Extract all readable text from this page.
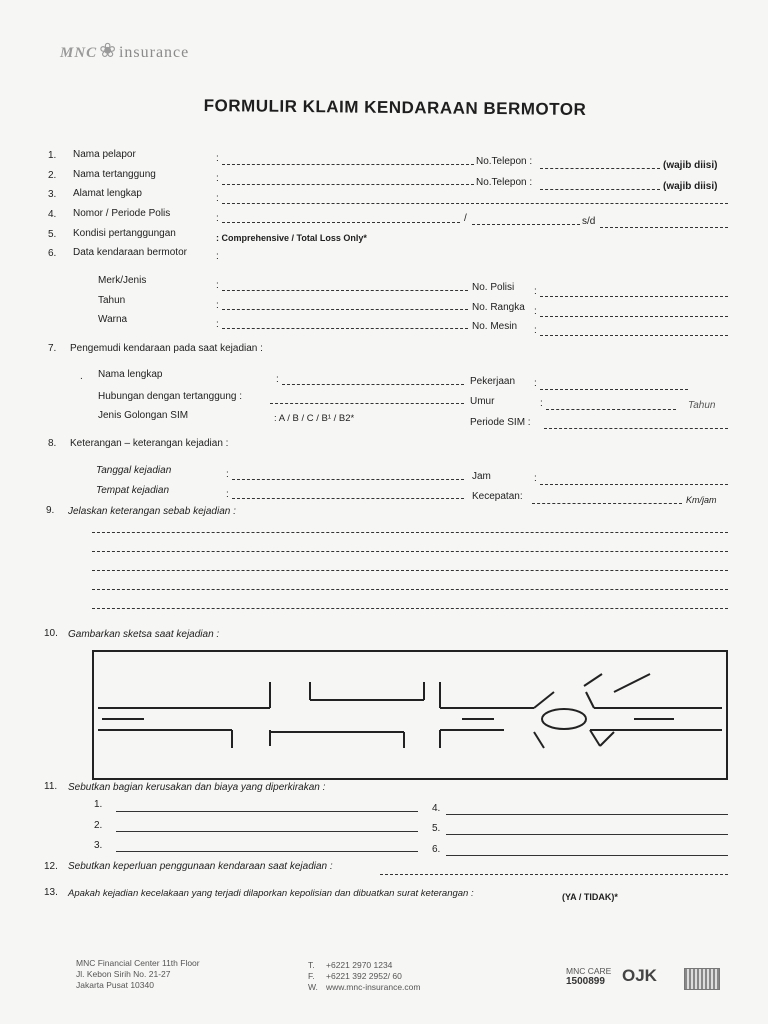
MNC ❀ insurance
FORMULIR KLAIM KENDARAAN BERMOTOR
1. Nama pelapor	:	No.Telepon :	(wajib diisi)
2. Nama tertanggung	:	No.Telepon :	(wajib diisi)
3. Alamat lengkap	:
4. Nomor / Periode Polis	:	/	s/d
5. Kondisi pertanggungan	: Comprehensive / Total Loss Only*
6. Data kendaraan bermotor	:
Merk/Jenis	:	No. Polisi :
Tahun	:	No. Rangka :
Warna	:	No. Mesin :
7. Pengemudi kendaraan pada saat kejadian :
. Nama lengkap	:	Pekerjaan :
Hubungan dengan tertanggung :	Umur	:	Tahun
Jenis Golongan SIM	: A / B / C / B¹ / B2*	Periode SIM :
8. Keterangan – keterangan kejadian :
Tanggal kejadian	:	Jam	:
Tempat kejadian	:	Kecepatan:	Km/jam
9. Jelaskan keterangan sebab kejadian :
10. Gambarkan sketsa saat kejadian :
11. Sebutkan bagian kerusakan dan biaya yang diperkirakan :
1.	4.
2.	5.
3.	6.
12. Sebutkan keperluan penggunaan kendaraan saat kejadian :
13. Apakah kejadian kecelakaan yang terjadi dilaporkan kepolisian dan dibuatkan surat keterangan :	(YA / TIDAK)*
MNC Financial Center 11th Floor
Jl. Kebon Sirih No. 21-27
Jakarta Pusat 10340
T.
F.
W.
+6221 2970 1234
+6221 392 2952/ 60
www.mnc-insurance.com
MNC CARE
1500899 OJK
